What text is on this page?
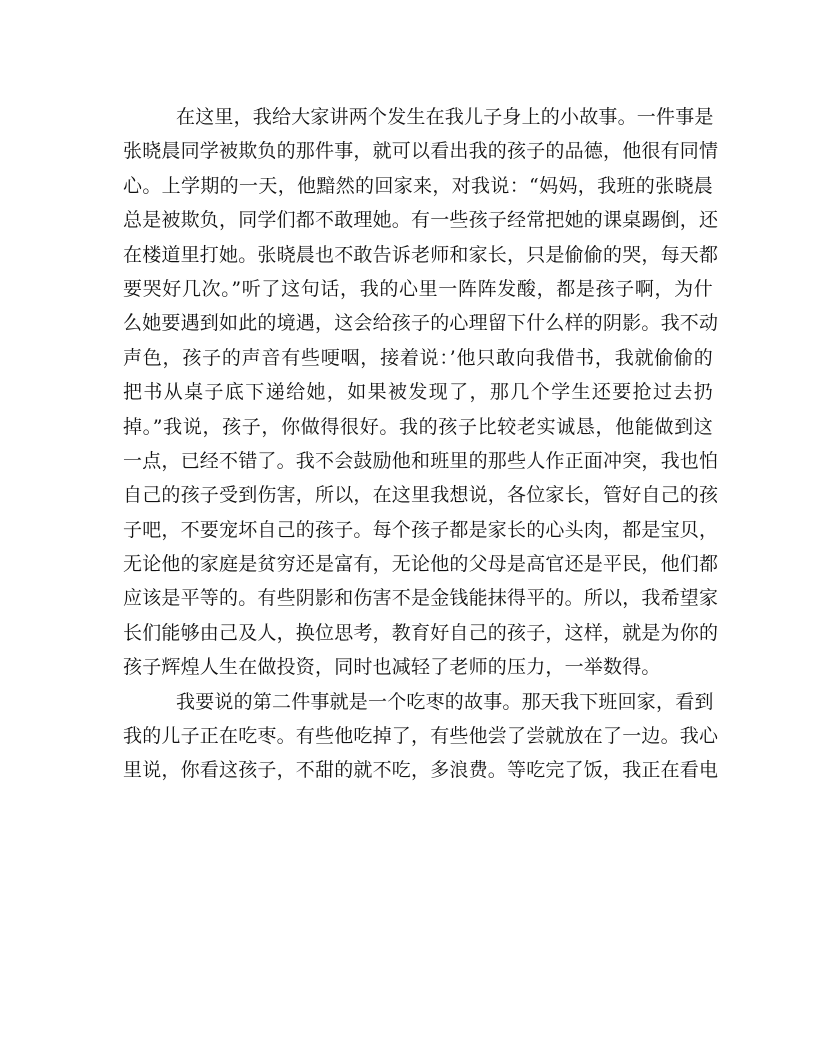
在这里，我给大家讲两个发生在我儿子身上的小故事。一件事是
张晓晨同学被欺负的那件事，就可以看出我的孩子的品德，他很有同情
心。上学期的一天，他黯然的回家来，对我说：“妈妈，我班的张晓晨
总是被欺负，同学们都不敢理她。有一些孩子经常把她的课桌踢倒，还
在楼道里打她。张晓晨也不敢告诉老师和家长，只是偷偷的哭，每天都
要哭好几次。”听了这句话，我的心里一阵阵发酸，都是孩子啊，为什
么她要遇到如此的境遇，这会给孩子的心理留下什么样的阴影。我不动
声色，孩子的声音有些哽咽，接着说：’他只敢向我借书，我就偷偷的
把书从桌子底下递给她，如果被发现了，那几个学生还要抢过去扔
掉。”我说，孩子，你做得很好。我的孩子比较老实诚恳，他能做到这
一点，已经不错了。我不会鼓励他和班里的那些人作正面冲突，我也怕
自己的孩子受到伤害，所以，在这里我想说，各位家长，管好自己的孩
子吧，不要宠坏自己的孩子。每个孩子都是家长的心头肉，都是宝贝，
无论他的家庭是贫穷还是富有，无论他的父母是高官还是平民，他们都
应该是平等的。有些阴影和伤害不是金钱能抹得平的。所以，我希望家
长们能够由己及人，换位思考，教育好自己的孩子，这样，就是为你的
孩子辉煌人生在做投资，同时也减轻了老师的压力，一举数得。
我要说的第二件事就是一个吃枣的故事。那天我下班回家，看到
我的儿子正在吃枣。有些他吃掉了，有些他尝了尝就放在了一边。我心
里说，你看这孩子，不甜的就不吃，多浪费。等吃完了饭，我正在看电
